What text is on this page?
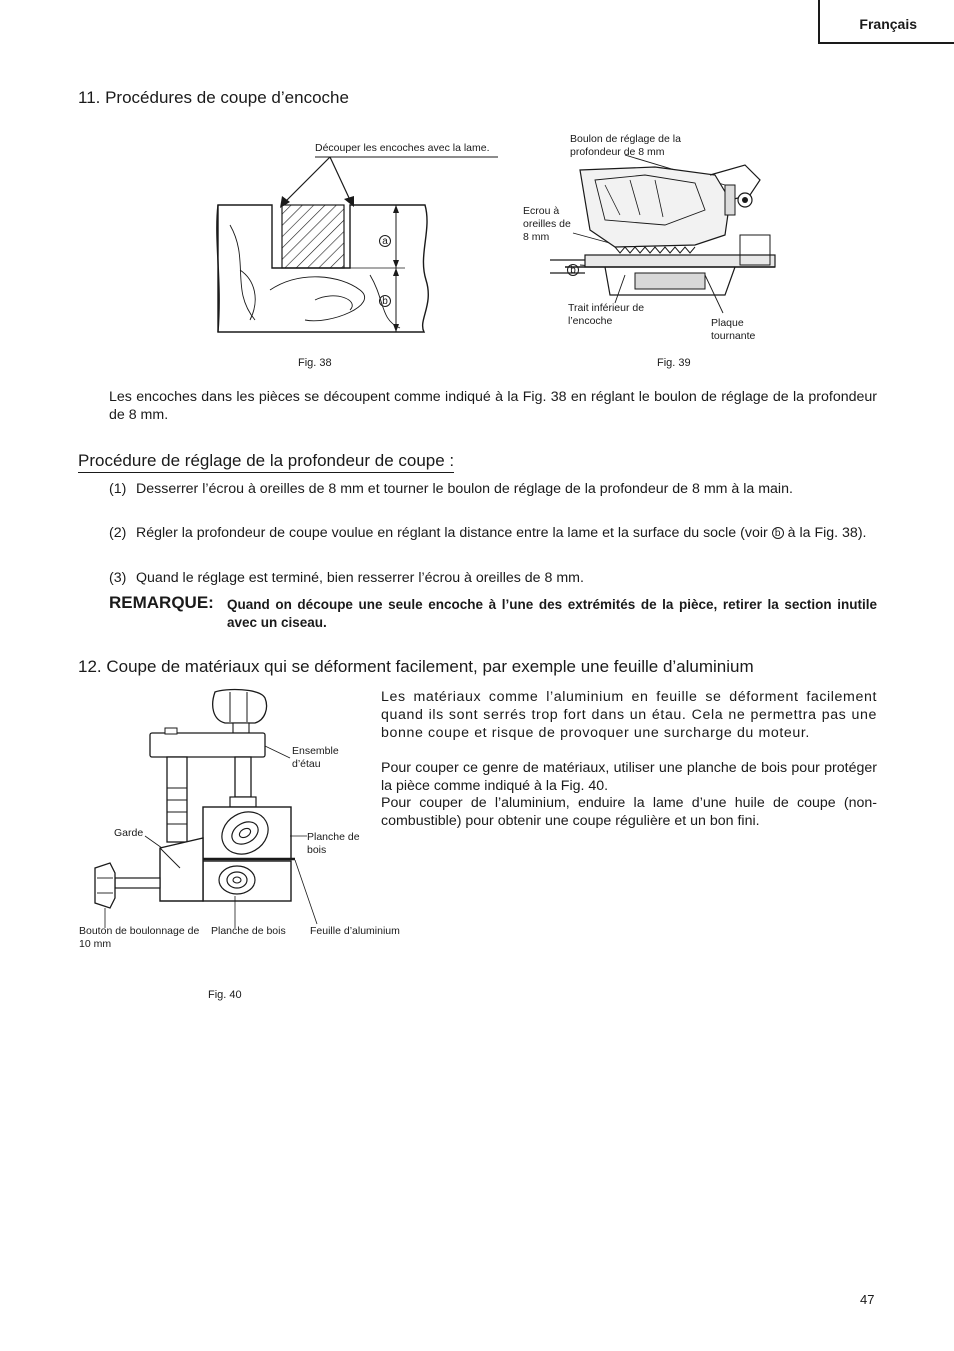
Français
11. Procédures de coupe d’encoche
Découper les encoches avec la lame.
a
b
Fig. 38
Boulon de réglage de la profondeur de 8 mm
Ecrou à oreilles de 8 mm
b
Trait inférieur de l’encoche	Plaque tournante
Fig. 39
Les encoches dans les pièces se découpent comme indiqué à la Fig. 38 en réglant le boulon de réglage de la profondeur de 8 mm.
Procédure de réglage de la profondeur de coupe :
(1) Desserrer l’écrou à oreilles de 8 mm et tourner le boulon de réglage de la profondeur de 8 mm à la main.
(2) Régler la profondeur de coupe voulue en réglant la distance entre la lame et la surface du socle (voir b à la Fig. 38).
(3) Quand le réglage est terminé, bien resserrer l’écrou à oreilles de 8 mm.
REMARQUE: Quand on découpe une seule encoche à l’une des extrémités de la pièce, retirer la section inutile avec un ciseau.
12. Coupe de matériaux qui se déforment facilement, par exemple une feuille d’aluminium
Ensemble d’étau
Garde	Planche de bois
Bouton de boulonnage de 10 mm
Planche de bois Feuille d’aluminium
Fig. 40
Les matériaux comme l’aluminium en feuille se déforment facilement quand ils sont serrés trop fort dans un étau. Cela ne permettra pas une bonne coupe et risque de provoquer une surcharge du moteur.
Pour couper ce genre de matériaux, utiliser une planche de bois pour protéger la pièce comme indiqué à la Fig. 40.
Pour couper de l’aluminium, enduire la lame d’une huile de coupe (non-combustible) pour obtenir une coupe régulière et un bon fini.
47
